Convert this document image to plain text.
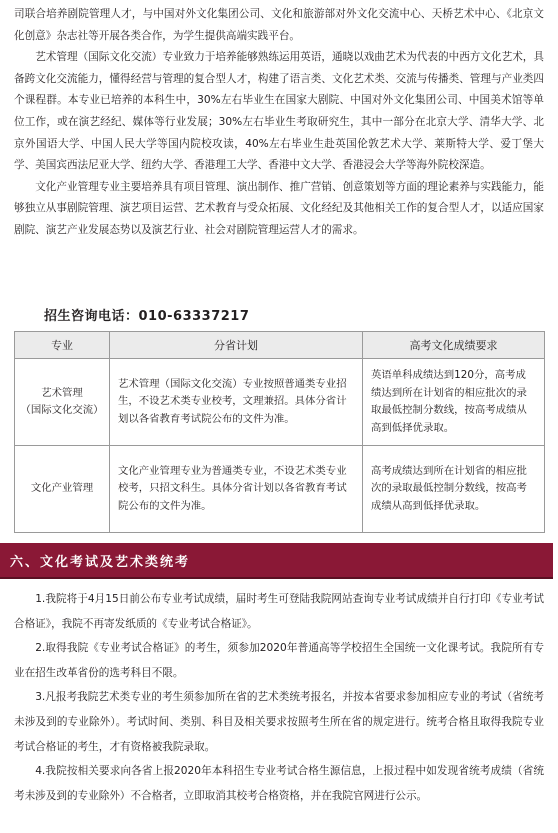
司联合培养剧院管理人才，与中国对外文化集团公司、文化和旅游部对外文化交流中心、天桥艺术中心、《北京文化创意》杂志社等开展各类合作，为学生提供高端实践平台。

艺术管理（国际文化交流）专业致力于培养能够熟练运用英语，通晓以戏曲艺术为代表的中西方文化艺术，具备跨文化交流能力，懂得经营与管理的复合型人才，构建了语言类、文化艺术类、交流与传播类、管理与产业类四个课程群。本专业已培养的本科生中，30%左右毕业生在国家大剧院、中国对外文化集团公司、中国美术馆等单位工作，或在演艺经纪、媒体等行业发展；30%左右毕业生考取研究生，其中一部分在北京大学、清华大学、北京外国语大学、中国人民大学等国内院校攻读，40%左右毕业生赴英国伦敦艺术大学、莱斯特大学、爱丁堡大学、美国宾西法尼亚大学、纽约大学、香港理工大学、香港中文大学、香港浸会大学等海外院校深造。

文化产业管理专业主要培养具有项目管理、演出制作、推广营销、创意策划等方面的理论素养与实践能力，能够独立从事剧院管理、演艺项目运营、艺术教育与受众拓展、文化经纪及其他相关工作的复合型人才，以适应国家剧院、演艺产业发展态势以及演艺行业、社会对剧院管理运营人才的需求。

招生咨询电话：010-63337217
专业	分省计划	高考文化成绩要求

艺术管理
（国际文化交流）	艺术管理（国际文化交流）专业按照普通类专业招生，不设艺术类专业校考，文理兼招。具体分省计划以各省教育考试院公布的文件为准。	英语单科成绩达到120分，高考成绩达到所在计划省的相应批次的录取最低控制分数线，按高考成绩从高到低择优录取。

文化产业管理	文化产业管理专业为普通类专业，不设艺术类专业校考，只招文科生。具体分省计划以各省教育考试院公布的文件为准。	高考成绩达到所在计划省的相应批次的录取最低控制分数线，按高考成绩从高到低择优录取。
六、文化考试及艺术类统考

1.我院将于4月15日前公布专业考试成绩，届时考生可登陆我院网站查询专业考试成绩并自行打印《专业考试合格证》，我院不再寄发纸质的《专业考试合格证》。

2.取得我院《专业考试合格证》的考生，须参加2020年普通高等学校招生全国统一文化课考试。我院所有专业在招生改革省份的选考科目不限。

3.凡报考我院艺术类专业的考生须参加所在省的艺术类统考报名，并按本省要求参加相应专业的考试（省统考未涉及到的专业除外）。考试时间、类别、科目及相关要求按照考生所在省的规定进行。统考合格且取得我院专业考试合格证的考生，才有资格被我院录取。

4.我院按相关要求向各省上报2020年本科招生专业考试合格生源信息，上报过程中如发现省统考成绩（省统考未涉及到的专业除外）不合格者，立即取消其校考合格资格，并在我院官网进行公示。
